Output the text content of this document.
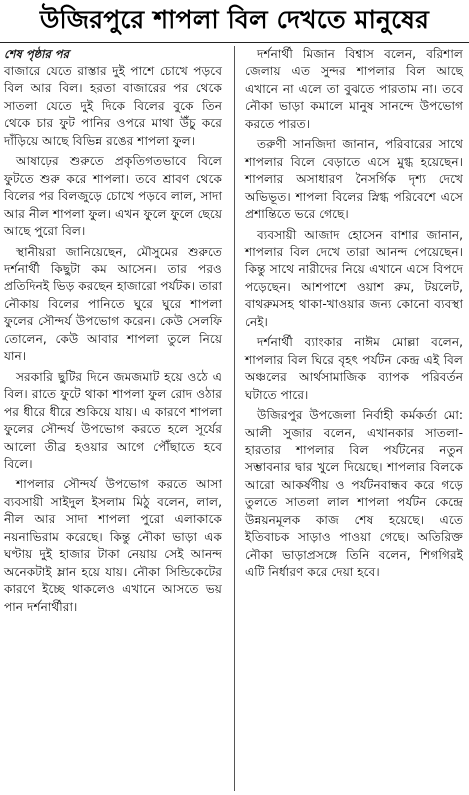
উজিরপুরে শাপলা বিল দেখতে মানুষের
শেষ পৃষ্ঠার পর

বাজারে যেতে রাস্তার দুই পাশে চোখে পড়বে বিল আর বিল। হরতা বাজারের পর থেকে সাতলা যেতে দুই দিকে বিলের বুকে তিন থেকে চার ফুট পানির ওপরে মাথা উঁচু করে দাঁড়িয়ে আছে বিভিন্ন রঙের শাপলা ফুল।

আষাঢ়ের শুরুতে প্রকৃতিগতভাবে বিলে ফুটতে শুরু করে শাপলা। তবে শ্রাবণ থেকে বিলের পর বিলজুড়ে চোখে পড়বে লাল, সাদা আর নীল শাপলা ফুল। এখন ফুলে ফুলে ছেয়ে আছে পুরো বিল।

স্থানীয়রা জানিয়েছেন, মৌসুমের শুরুতে দর্শনার্থী কিছুটা কম আসেন। তার পরও প্রতিদিনই ভিড় করছেন হাজারো পর্যটক। তারা নৌকায় বিলের পানিতে ঘুরে ঘুরে শাপলা ফুলের সৌন্দর্য উপভোগ করেন। কেউ সেলফি তোলেন, কেউ আবার শাপলা তুলে নিয়ে যান।

সরকারি ছুটির দিনে জমজমাট হয়ে ওঠে এ বিল। রাতে ফুটে থাকা শাপলা ফুল রোদ ওঠার পর ধীরে ধীরে শুকিয়ে যায়। এ কারণে শাপলা ফুলের সৌন্দর্য উপভোগ করতে হলে সূর্যের আলো তীব্র হওয়ার আগে পৌঁছাতে হবে বিলে।

শাপলার সৌন্দর্য উপভোগ করতে আসা ব্যবসায়ী সাইদুল ইসলাম মিঠু বলেন, লাল, নীল আর সাদা শাপলা পুরো এলাকাকে নয়নাভিরাম করেছে। কিন্তু নৌকা ভাড়া এক ঘণ্টায় দুই হাজার টাকা নেয়ায় সেই আনন্দ অনেকটাই ম্লান হয়ে যায়। নৌকা সিন্ডিকেটের কারণে ইচ্ছে থাকলেও এখানে আসতে ভয় পান দর্শনার্থীরা।

দর্শনার্থী মিজান বিশ্বাস বলেন, বরিশাল জেলায় এত সুন্দর শাপলার বিল আছে এখানে না এলে তা বুঝতে পারতাম না। তবে নৌকা ভাড়া কমালে মানুষ সানন্দে উপভোগ করতে পারত।

তরুণী সানজিদা জানান, পরিবারের সাথে শাপলার বিলে বেড়াতে এসে মুগ্ধ হয়েছেন। শাপলার অসাধারণ নৈসর্গিক দৃশ্য দেখে অভিভূত। শাপলা বিলের স্নিগ্ধ পরিবেশে এসে প্রশান্তিতে ভরে গেছে।

ব্যবসায়ী আজাদ হোসেন বাশার জানান, শাপলার বিল দেখে তারা আনন্দ পেয়েছেন। কিন্তু সাথে নারীদের নিয়ে এখানে এসে বিপদে পড়েছেন। আশপাশে ওয়াশ রুম, টয়লেট, বাথরুমসহ থাকা-খাওয়ার জন্য কোনো ব্যবস্থা নেই।

দর্শনার্থী ব্যাংকার নাঈম মোল্লা বলেন, শাপলার বিল ঘিরে বৃহৎ পর্যটন কেন্দ্র এই বিল অঞ্চলের আর্থসামাজিক ব্যাপক পরিবর্তন ঘটাতে পারে।

উজিরপুর উপজেলা নির্বাহী কর্মকর্তা মো: আলী সুজার বলেন, এখানকার সাতলা-হারতার শাপলার বিল পর্যটনের নতুন সম্ভাবনার দ্বার খুলে দিয়েছে। শাপলার বিলকে আরো আকর্ষণীয় ও পর্যটনবান্ধব করে গড়ে তুলতে সাতলা লাল শাপলা পর্যটন কেন্দ্রে উন্নয়নমূলক কাজ শেষ হয়েছে। এতে ইতিবাচক সাড়াও পাওয়া গেছে। অতিরিক্ত নৌকা ভাড়াপ্রসঙ্গে তিনি বলেন, শিগগিরই এটি নির্ধারণ করে দেয়া হবে।
